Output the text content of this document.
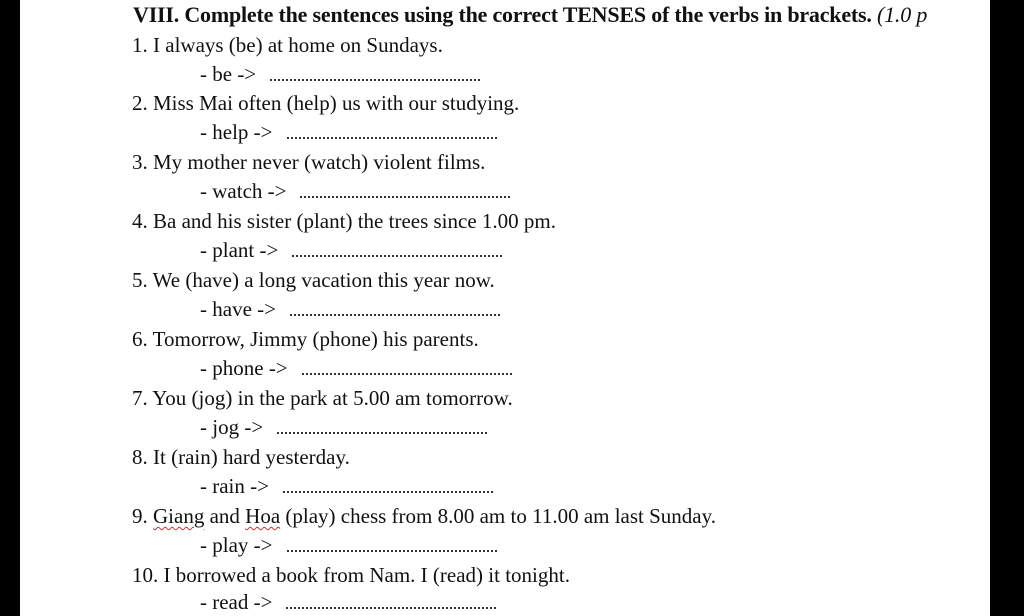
VIII. Complete the sentences using the correct TENSES of the verbs in brackets. (1.0 p
1. I always (be) at home on Sundays.
- be ->
2. Miss Mai often (help) us with our studying.
- help ->
3. My mother never (watch) violent films.
- watch ->
4. Ba and his sister (plant) the trees since 1.00 pm.
- plant ->
5. We (have) a long vacation this year now.
- have ->
6. Tomorrow, Jimmy (phone) his parents.
- phone ->
7. You (jog) in the park at 5.00 am tomorrow.
- jog ->
8. It (rain) hard yesterday.
- rain ->
9. Giang and Hoa (play) chess from 8.00 am to 11.00 am last Sunday.
- play ->
10. I borrowed a book from Nam. I (read) it tonight.
- read ->
